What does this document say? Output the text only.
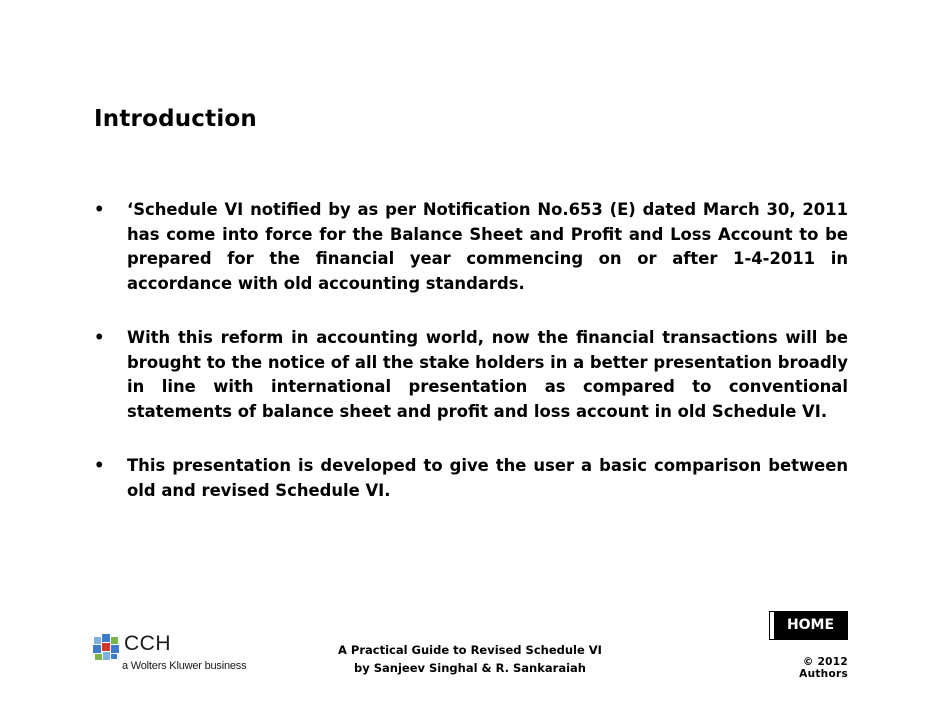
Introduction
• ‘Schedule VI notified by as per Notification No.653 (E) dated March 30, 2011 has come into force for the Balance Sheet and Profit and Loss Account to be prepared for the financial year commencing on or after 1-4-2011 in accordance with old accounting standards.
• With this reform in accounting world, now the financial transactions will be brought to the notice of all the stake holders in a better presentation broadly in line with international presentation as compared to conventional statements of balance sheet and profit and loss account in old Schedule VI.
• This presentation is developed to give the user a basic comparison between old and revised Schedule VI.
HOME
CCH
a Wolters Kluwer business
A Practical Guide to Revised Schedule VI

by Sanjeev Singhal & R. Sankaraiah	© 2012 Authors
